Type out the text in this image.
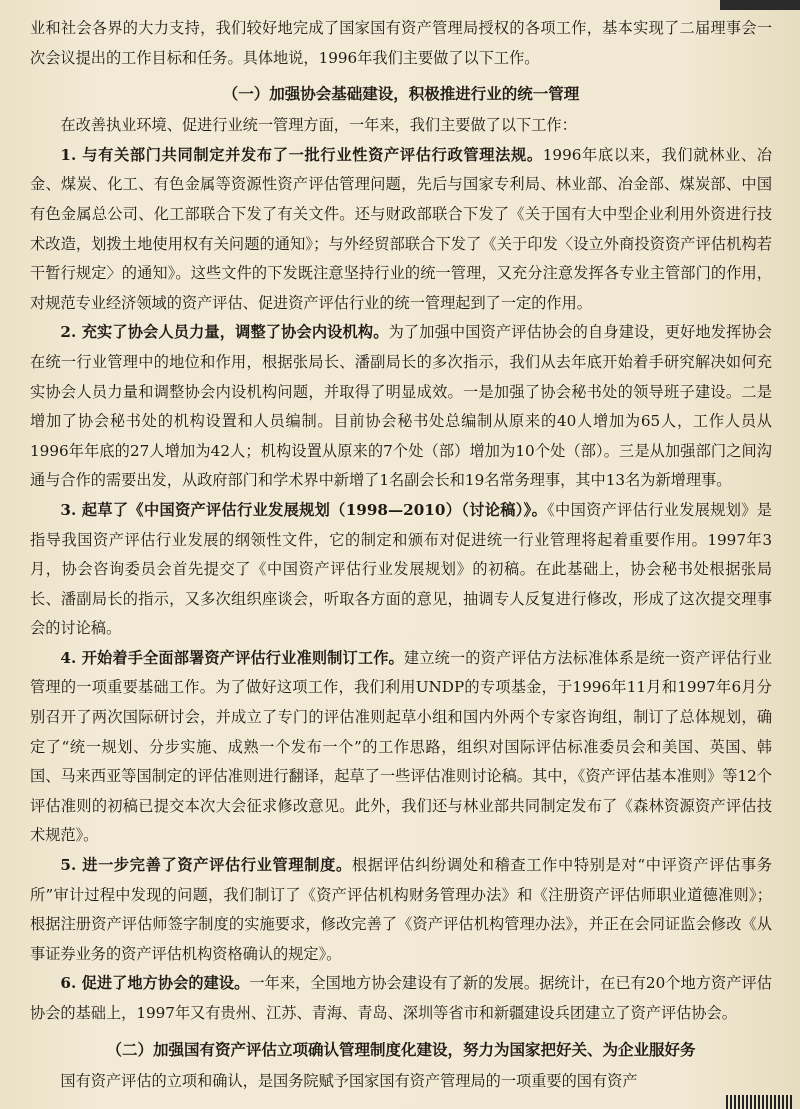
业和社会各界的大力支持，我们较好地完成了国家国有资产管理局授权的各项工作，基本实现了二届理事会一次会议提出的工作目标和任务。具体地说，1996年我们主要做了以下工作。

（一）加强协会基础建设，积极推进行业的统一管理

在改善执业环境、促进行业统一管理方面，一年来，我们主要做了以下工作：

1. 与有关部门共同制定并发布了一批行业性资产评估行政管理法规。1996年底以来，我们就林业、冶金、煤炭、化工、有色金属等资源性资产评估管理问题，先后与国家专利局、林业部、冶金部、煤炭部、中国有色金属总公司、化工部联合下发了有关文件。还与财政部联合下发了《关于国有大中型企业利用外资进行技术改造，划拨土地使用权有关问题的通知》；与外经贸部联合下发了《关于印发〈设立外商投资资产评估机构若干暂行规定〉的通知》。这些文件的下发既注意坚持行业的统一管理，又充分注意发挥各专业主管部门的作用，对规范专业经济领域的资产评估、促进资产评估行业的统一管理起到了一定的作用。

2. 充实了协会人员力量，调整了协会内设机构。为了加强中国资产评估协会的自身建设，更好地发挥协会在统一行业管理中的地位和作用，根据张局长、潘副局长的多次指示，我们从去年底开始着手研究解决如何充实协会人员力量和调整协会内设机构问题，并取得了明显成效。一是加强了协会秘书处的领导班子建设。二是增加了协会秘书处的机构设置和人员编制。目前协会秘书处总编制从原来的40人增加为65人，工作人员从1996年年底的27人增加为42人；机构设置从原来的7个处（部）增加为10个处（部）。三是从加强部门之间沟通与合作的需要出发，从政府部门和学术界中新增了1名副会长和19名常务理事，其中13名为新增理事。

3. 起草了《中国资产评估行业发展规划（1998—2010）（讨论稿）》。《中国资产评估行业发展规划》是指导我国资产评估行业发展的纲领性文件，它的制定和颁布对促进统一行业管理将起着重要作用。1997年3月，协会咨询委员会首先提交了《中国资产评估行业发展规划》的初稿。在此基础上，协会秘书处根据张局长、潘副局长的指示，又多次组织座谈会，听取各方面的意见，抽调专人反复进行修改，形成了这次提交理事会的讨论稿。

4. 开始着手全面部署资产评估行业准则制订工作。建立统一的资产评估方法标准体系是统一资产评估行业管理的一项重要基础工作。为了做好这项工作，我们利用UNDP的专项基金，于1996年11月和1997年6月分别召开了两次国际研讨会，并成立了专门的评估准则起草小组和国内外两个专家咨询组，制订了总体规划，确定了“统一规划、分步实施、成熟一个发布一个”的工作思路，组织对国际评估标准委员会和美国、英国、韩国、马来西亚等国制定的评估准则进行翻译，起草了一些评估准则讨论稿。其中，《资产评估基本准则》等12个评估准则的初稿已提交本次大会征求修改意见。此外，我们还与林业部共同制定发布了《森林资源资产评估技术规范》。

5. 进一步完善了资产评估行业管理制度。根据评估纠纷调处和稽查工作中特别是对“中评资产评估事务所”审计过程中发现的问题，我们制订了《资产评估机构财务管理办法》和《注册资产评估师职业道德准则》；根据注册资产评估师签字制度的实施要求，修改完善了《资产评估机构管理办法》，并正在会同证监会修改《从事证券业务的资产评估机构资格确认的规定》。

6. 促进了地方协会的建设。一年来，全国地方协会建设有了新的发展。据统计，在已有20个地方资产评估协会的基础上，1997年又有贵州、江苏、青海、青岛、深圳等省市和新疆建设兵团建立了资产评估协会。

（二）加强国有资产评估立项确认管理制度化建设，努力为国家把好关、为企业服好务

国有资产评估的立项和确认，是国务院赋予国家国有资产管理局的一项重要的国有资产
